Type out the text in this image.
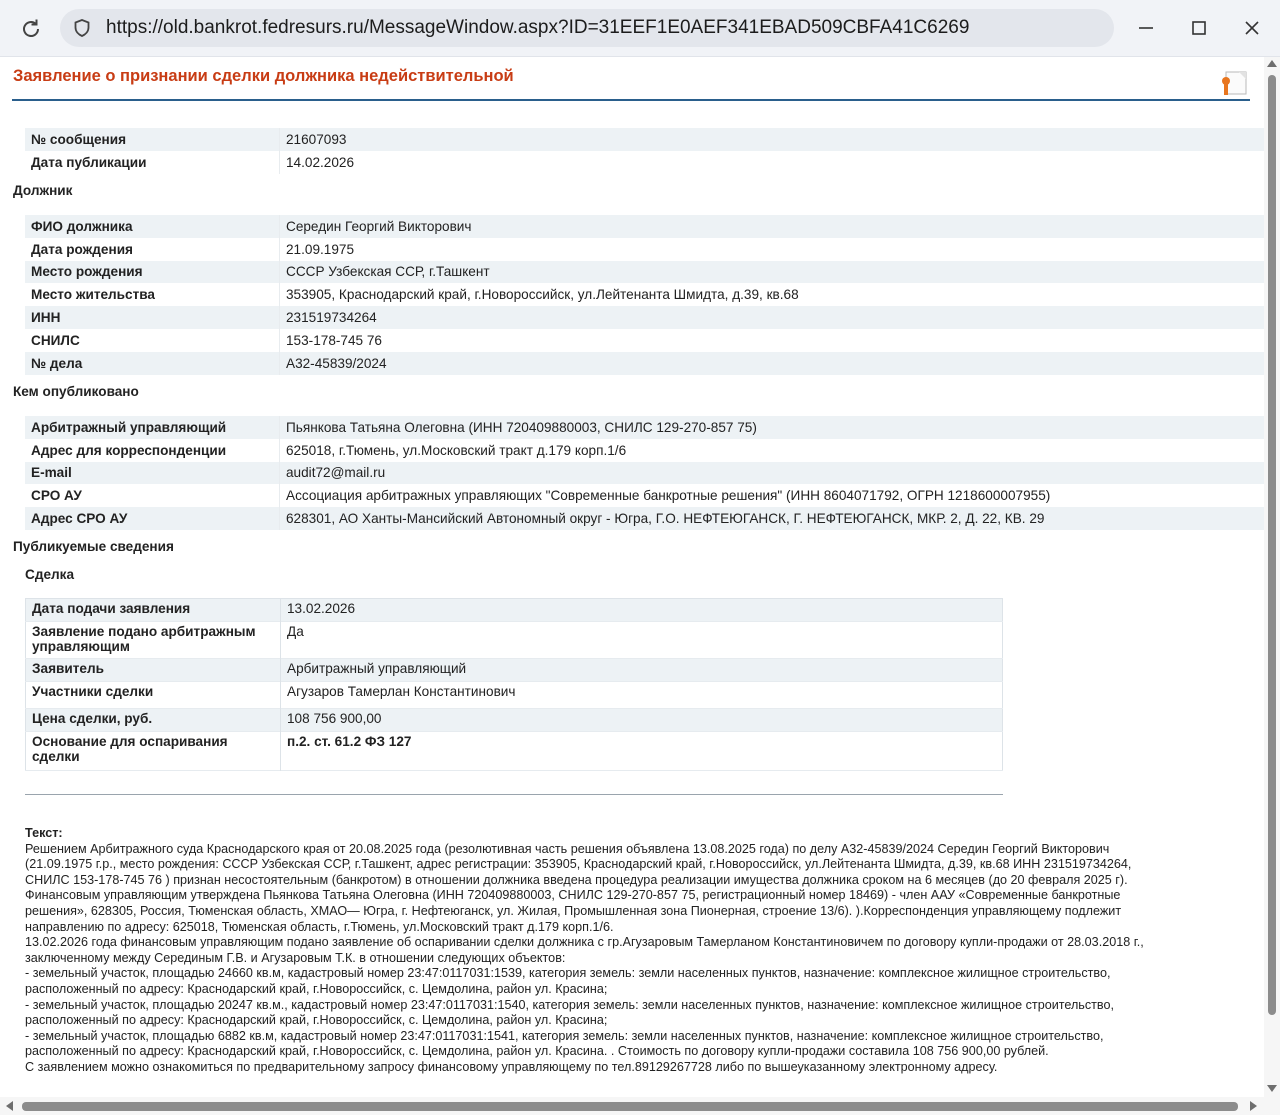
https://old.bankrot.fedresurs.ru/MessageWindow.aspx?ID=31EEF1E0AEF341EBAD509CBFA41C6269
Заявление о признании сделки должника недействительной
№ сообщения	21607093
Дата публикации	14.02.2026
Должник
ФИО должника	Середин Георгий Викторович
Дата рождения	21.09.1975
Место рождения	СССР Узбекская ССР, г.Ташкент
Место жительства	353905, Краснодарский край, г.Новороссийск, ул.Лейтенанта Шмидта, д.39, кв.68
ИНН	231519734264
СНИЛС	153-178-745 76
№ дела	А32-45839/2024
Кем опубликовано
Арбитражный управляющий	Пьянкова Татьяна Олеговна (ИНН 720409880003, СНИЛС 129-270-857 75)
Адрес для корреспонденции	625018, г.Тюмень, ул.Московский тракт д.179 корп.1/6
E-mail	audit72@mail.ru
СРО АУ	Ассоциация арбитражных управляющих "Современные банкротные решения" (ИНН 8604071792, ОГРН 1218600007955)
Адрес СРО АУ	628301, АО Ханты-Мансийский Автономный округ - Югра, Г.О. НЕФТЕЮГАНСК, Г. НЕФТЕЮГАНСК, МКР. 2, Д. 22, КВ. 29
Публикуемые сведения
Сделка
Дата подачи заявления	13.02.2026
Заявление подано арбитражным управляющим	Да
Заявитель	Арбитражный управляющий
Участники сделки	Агузаров Тамерлан Константинович
Цена сделки, руб.	108 756 900,00
Основание для оспаривания сделки	п.2. ст. 61.2 ФЗ 127
Текст:
Решением Арбитражного суда Краснодарского края от 20.08.2025 года (резолютивная часть решения объявлена 13.08.2025 года) по делу А32-45839/2024 Середин Георгий Викторович
(21.09.1975 г.р., место рождения: СССР Узбекская ССР, г.Ташкент, адрес регистрации: 353905, Краснодарский край, г.Новороссийск, ул.Лейтенанта Шмидта, д.39, кв.68 ИНН 231519734264,
СНИЛС 153-178-745 76 ) признан несостоятельным (банкротом) в отношении должника введена процедура реализации имущества должника сроком на 6 месяцев (до 20 февраля 2025 г).
Финансовым управляющим утверждена Пьянкова Татьяна Олеговна (ИНН 720409880003, СНИЛС 129-270-857 75, регистрационный номер 18469) - член ААУ «Современные банкротные
решения», 628305, Россия, Тюменская область, ХМАО— Югра, г. Нефтеюганск, ул. Жилая, Промышленная зона Пионерная, строение 13/6). ).Корреспонденция управляющему подлежит
направлению по адресу: 625018, Тюменская область, г.Тюмень, ул.Московский тракт д.179 корп.1/6.
13.02.2026 года финансовым управляющим подано заявление об оспаривании сделки должника с гр.Агузаровым Тамерланом Константиновичем по договору купли-продажи от 28.03.2018 г.,
заключенному между Серединым Г.В. и Агузаровым Т.К. в отношении следующих объектов:
- земельный участок, площадью 24660 кв.м, кадастровый номер 23:47:0117031:1539, категория земель: земли населенных пунктов, назначение: комплексное жилищное строительство,
расположенный по адресу: Краснодарский край, г.Новороссийск, с. Цемдолина, район ул. Красина;
- земельный участок, площадью 20247 кв.м., кадастровый номер 23:47:0117031:1540, категория земель: земли населенных пунктов, назначение: комплексное жилищное строительство,
расположенный по адресу: Краснодарский край, г.Новороссийск, с. Цемдолина, район ул. Красина;
- земельный участок, площадью 6882 кв.м, кадастровый номер 23:47:0117031:1541, категория земель: земли населенных пунктов, назначение: комплексное жилищное строительство,
расположенный по адресу: Краснодарский край, г.Новороссийск, с. Цемдолина, район ул. Красина. . Стоимость по договору купли-продажи составила 108 756 900,00 рублей.
С заявлением можно ознакомиться по предварительному запросу финансовому управляющему по тел.89129267728 либо по вышеуказанному электронному адресу.
